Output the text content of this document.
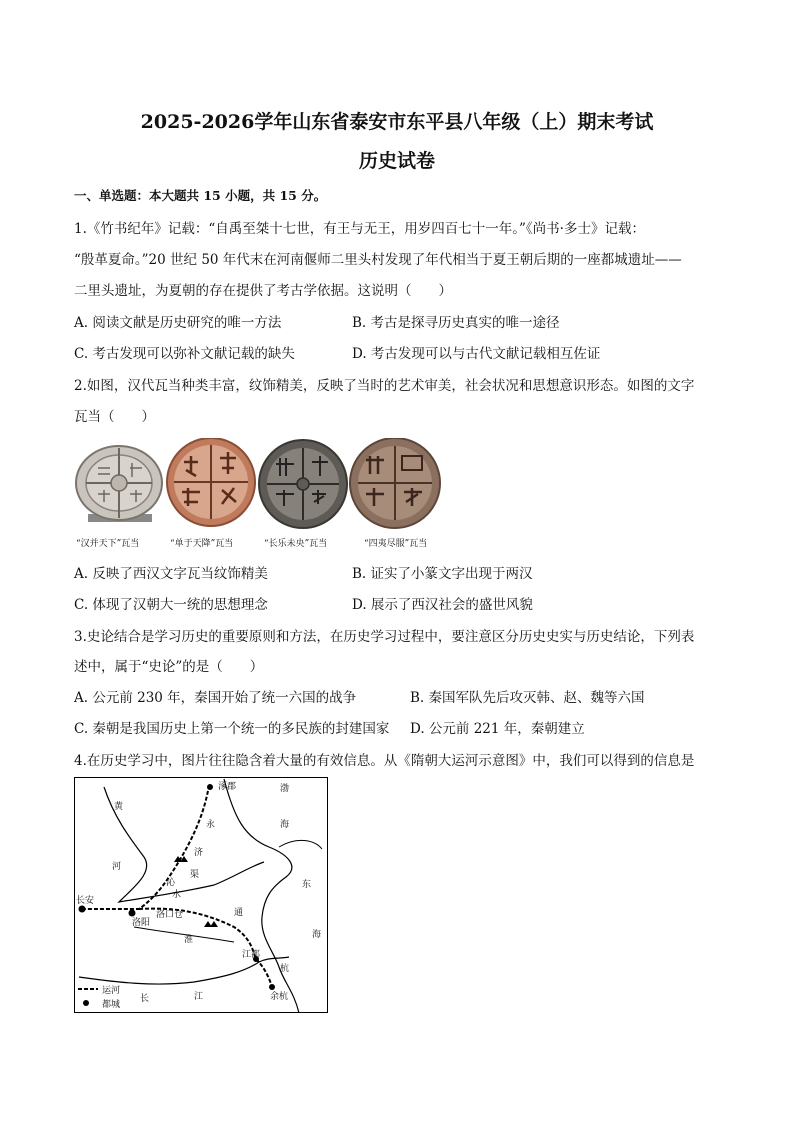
2025-2026学年山东省泰安市东平县八年级（上）期末考试
历史试卷
一、单选题：本大题共 15 小题，共 15 分。
1.《竹书纪年》记载：“自禹至桀十七世，有王与无王，用岁四百七十一年。”《尚书·多士》记载：
“殷革夏命。”20 世纪 50 年代末在河南偃师二里头村发现了年代相当于夏王朝后期的一座都城遗址——
二里头遗址，为夏朝的存在提供了考古学依据。这说明（　　）
A. 阅读文献是历史研究的唯一方法	B. 考古是探寻历史真实的唯一途径
C. 考古发现可以弥补文献记载的缺失	D. 考古发现可以与古代文献记载相互佐证
2.如图，汉代瓦当种类丰富，纹饰精美，反映了当时的艺术审美，社会状况和思想意识形态。如图的文字
瓦当（　　）
“汉并天下”瓦当	“单于天降”瓦当	“长乐未央”瓦当	“四夷尽服”瓦当
A. 反映了西汉文字瓦当纹饰精美	B. 证实了小篆文字出现于两汉
C. 体现了汉朝大一统的思想理念	D. 展示了西汉社会的盛世风貌
3.史论结合是学习历史的重要原则和方法，在历史学习过程中，要注意区分历史史实与历史结论，下列表
述中，属于“史论”的是（　　）
A. 公元前 230 年，秦国开始了统一六国的战争	B. 秦国军队先后攻灭韩、赵、魏等六国
C. 秦朝是我国历史上第一个统一的多民族的封建国家 D. 公元前 221 年，秦朝建立
4.在历史学习中，图片往往隐含着大量的有效信息。从《隋朝大运河示意图》中，我们可以得到的信息是
涿郡
黄
河
永
济
沁
水
渠
长安
洛阳
洛口仓	通
淮
渤
海
东
海
江都
杭
余杭
长	江
运河
都城
